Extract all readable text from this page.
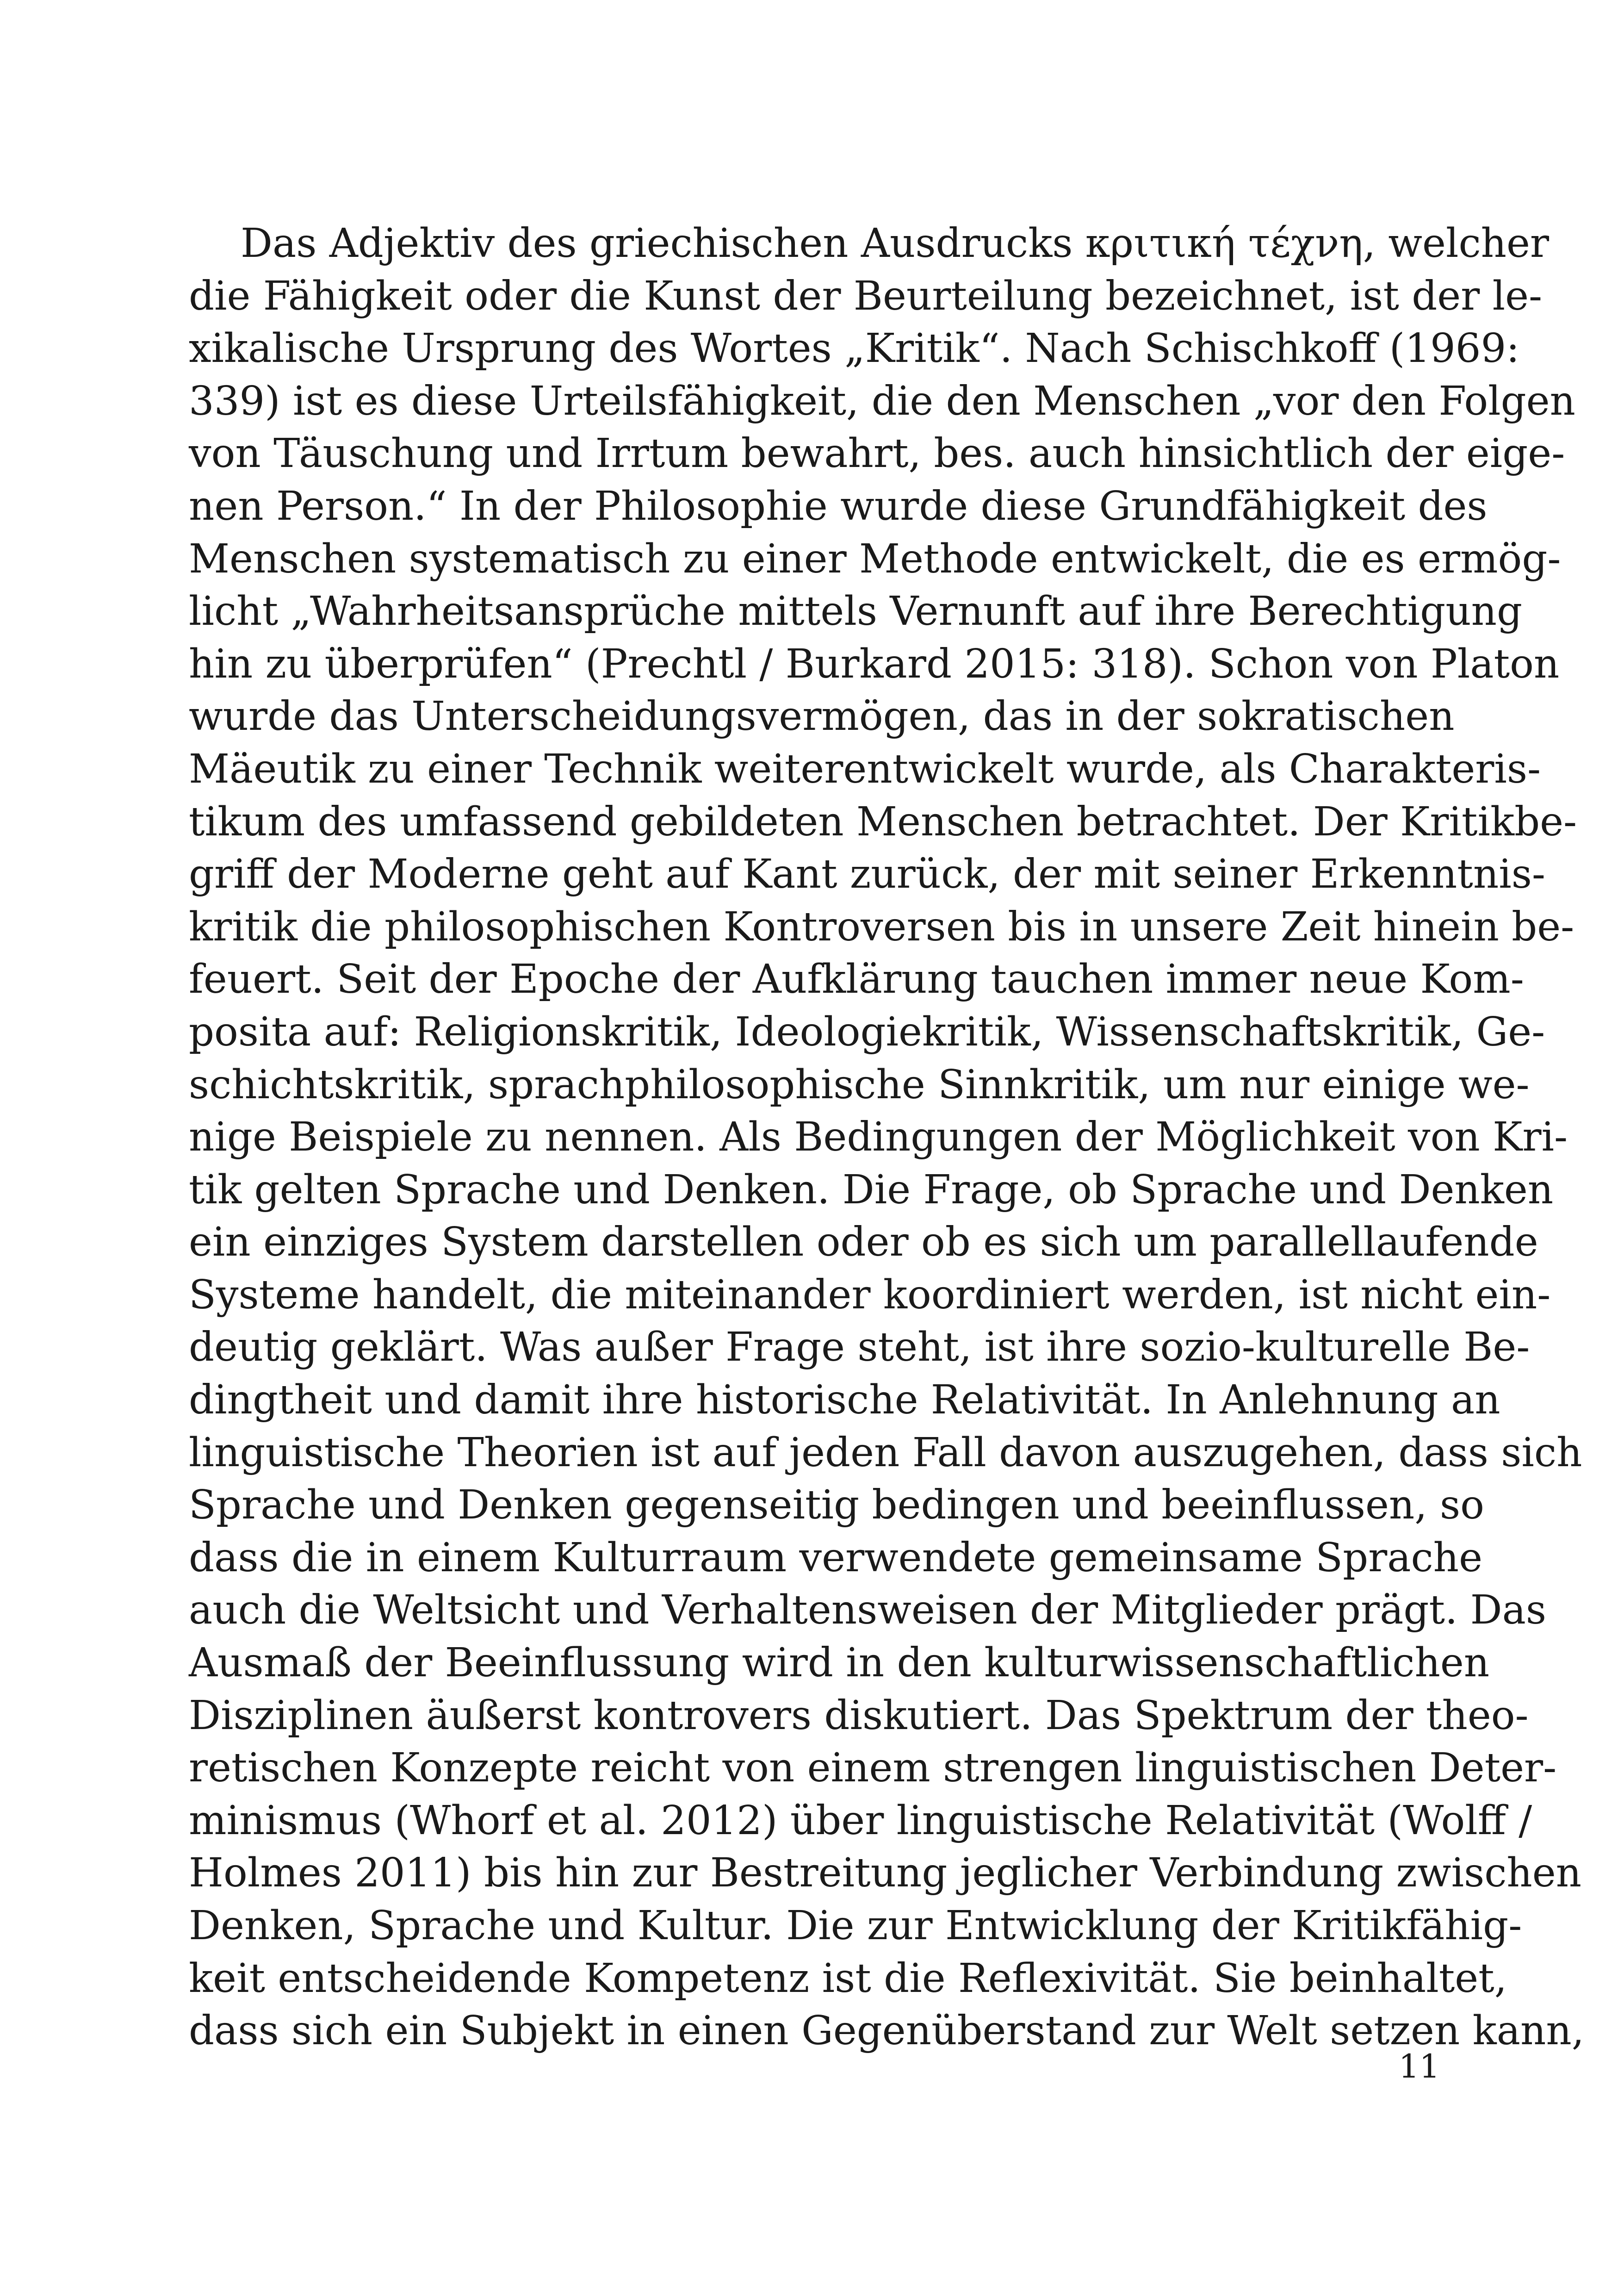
Das Adjektiv des griechischen Ausdrucks κριτική τέχνη, welcher
die Fähigkeit oder die Kunst der Beurteilung bezeichnet, ist der le-
xikalische Ursprung des Wortes „Kritik“. Nach Schischkoff (1969:
339) ist es diese Urteilsfähigkeit, die den Menschen „vor den Folgen
von Täuschung und Irrtum bewahrt, bes. auch hinsichtlich der eige-
nen Person.“ In der Philosophie wurde diese Grundfähigkeit des
Menschen systematisch zu einer Methode entwickelt, die es ermög-
licht „Wahrheitsansprüche mittels Vernunft auf ihre Berechtigung
hin zu überprüfen“ (Prechtl / Burkard 2015: 318). Schon von Platon
wurde das Unterscheidungsvermögen, das in der sokratischen
Mäeutik zu einer Technik weiterentwickelt wurde, als Charakteris-
tikum des umfassend gebildeten Menschen betrachtet. Der Kritikbe-
griff der Moderne geht auf Kant zurück, der mit seiner Erkenntnis-
kritik die philosophischen Kontroversen bis in unsere Zeit hinein be-
feuert. Seit der Epoche der Aufklärung tauchen immer neue Kom-
posita auf: Religionskritik, Ideologiekritik, Wissenschaftskritik, Ge-
schichtskritik, sprachphilosophische Sinnkritik, um nur einige we-
nige Beispiele zu nennen. Als Bedingungen der Möglichkeit von Kri-
tik gelten Sprache und Denken. Die Frage, ob Sprache und Denken
ein einziges System darstellen oder ob es sich um parallellaufende
Systeme handelt, die miteinander koordiniert werden, ist nicht ein-
deutig geklärt. Was außer Frage steht, ist ihre sozio-kulturelle Be-
dingtheit und damit ihre historische Relativität. In Anlehnung an
linguistische Theorien ist auf jeden Fall davon auszugehen, dass sich
Sprache und Denken gegenseitig bedingen und beeinflussen, so
dass die in einem Kulturraum verwendete gemeinsame Sprache
auch die Weltsicht und Verhaltensweisen der Mitglieder prägt. Das
Ausmaß der Beeinflussung wird in den kulturwissenschaftlichen
Disziplinen äußerst kontrovers diskutiert. Das Spektrum der theo-
retischen Konzepte reicht von einem strengen linguistischen Deter-
minismus (Whorf et al. 2012) über linguistische Relativität (Wolff /
Holmes 2011) bis hin zur Bestreitung jeglicher Verbindung zwischen
Denken, Sprache und Kultur. Die zur Entwicklung der Kritikfähig-
keit entscheidende Kompetenz ist die Reflexivität. Sie beinhaltet,
dass sich ein Subjekt in einen Gegenüberstand zur Welt setzen kann,
11
